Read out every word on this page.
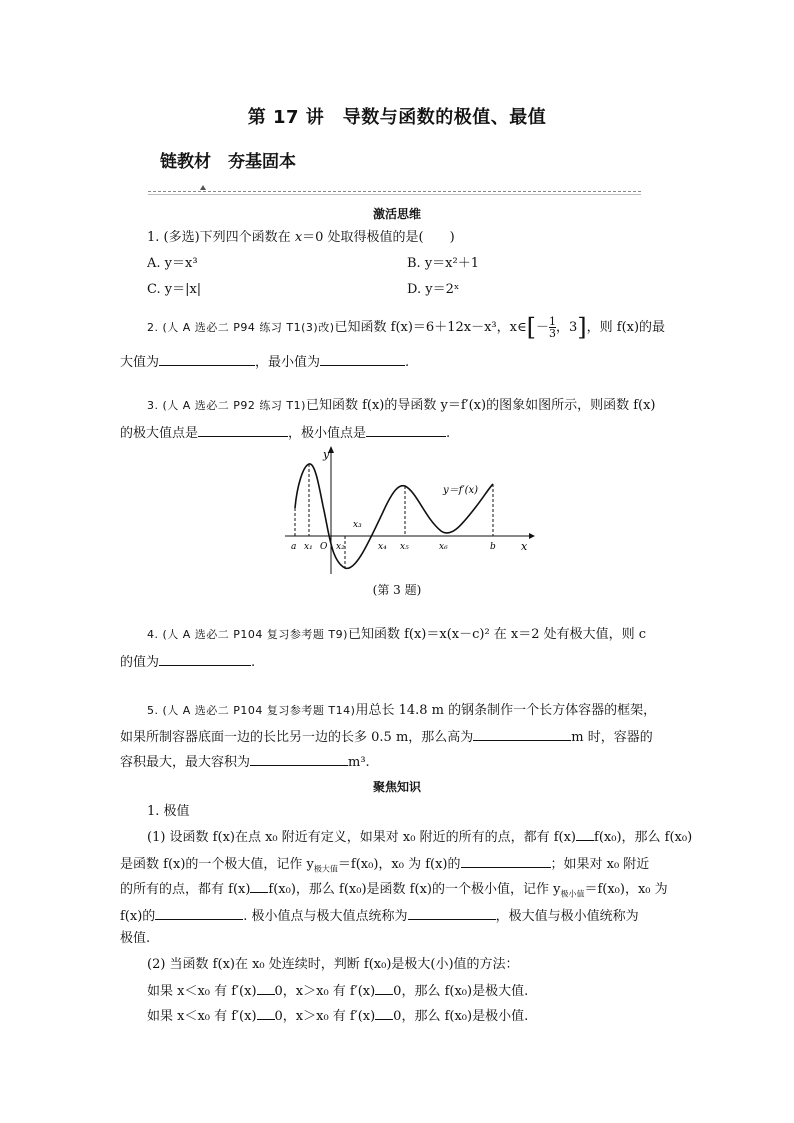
第 17 讲　导数与函数的极值、最值
链教材　夯基固本
激活思维
1. (多选)下列四个函数在 x＝0 处取得极值的是(　　)
A. y＝x³	B. y＝x²＋1
C. y＝|x|	D. y＝2ˣ
2. (人 A 选必二 P94 练习 T1(3)改)已知函数 f(x)＝6＋12x－x³，x∈[－ $\frac{1}{3}$ ，3]，则 f(x)的最
大值为	，最小值为	.
3. (人 A 选必二 P92 练习 T1)已知函数 f(x)的导函数 y＝f′(x)的图象如图所示，则函数 f(x)
的极大值点是	，极小值点是	.
y
x
y＝f′(x)
a x₁ O x₂
x₃
x₄ x₅	x₆	b
(第 3 题)
4. (人 A 选必二 P104 复习参考题 T9)已知函数 f(x)＝x(x－c)² 在 x＝2 处有极大值，则 c
的值为	.
5. (人 A 选必二 P104 复习参考题 T14)用总长 14.8 m 的钢条制作一个长方体容器的框架，
如果所制容器底面一边的长比另一边的长多 0.5 m，那么高为	m 时，容器的
容积最大，最大容积为	m³.
聚焦知识
1. 极值
(1) 设函数 f(x)在点 x₀ 附近有定义，如果对 x₀ 附近的所有的点，都有 f(x) f(x₀)，那么 f(x₀)
是函数 f(x)的一个极大值，记作 $y_{极大值}=f(x_0)$，x₀ 为 f(x)的	；如果对 x₀ 附近
的所有的点，都有 f(x) f(x₀)，那么 f(x₀)是函数 f(x)的一个极小值，记作 $y_{极小值}=f(x_0)$，x₀ 为
f(x)的	. 极小值点与极大值点统称为	，极大值与极小值统称为
极值.
(2) 当函数 f(x)在 x₀ 处连续时，判断 f(x₀)是极大(小)值的方法：
如果 x＜x₀ 有 f′(x) 0，x＞x₀ 有 f′(x) 0，那么 f(x₀)是极大值.
如果 x＜x₀ 有 f′(x) 0，x＞x₀ 有 f′(x) 0，那么 f(x₀)是极小值.
